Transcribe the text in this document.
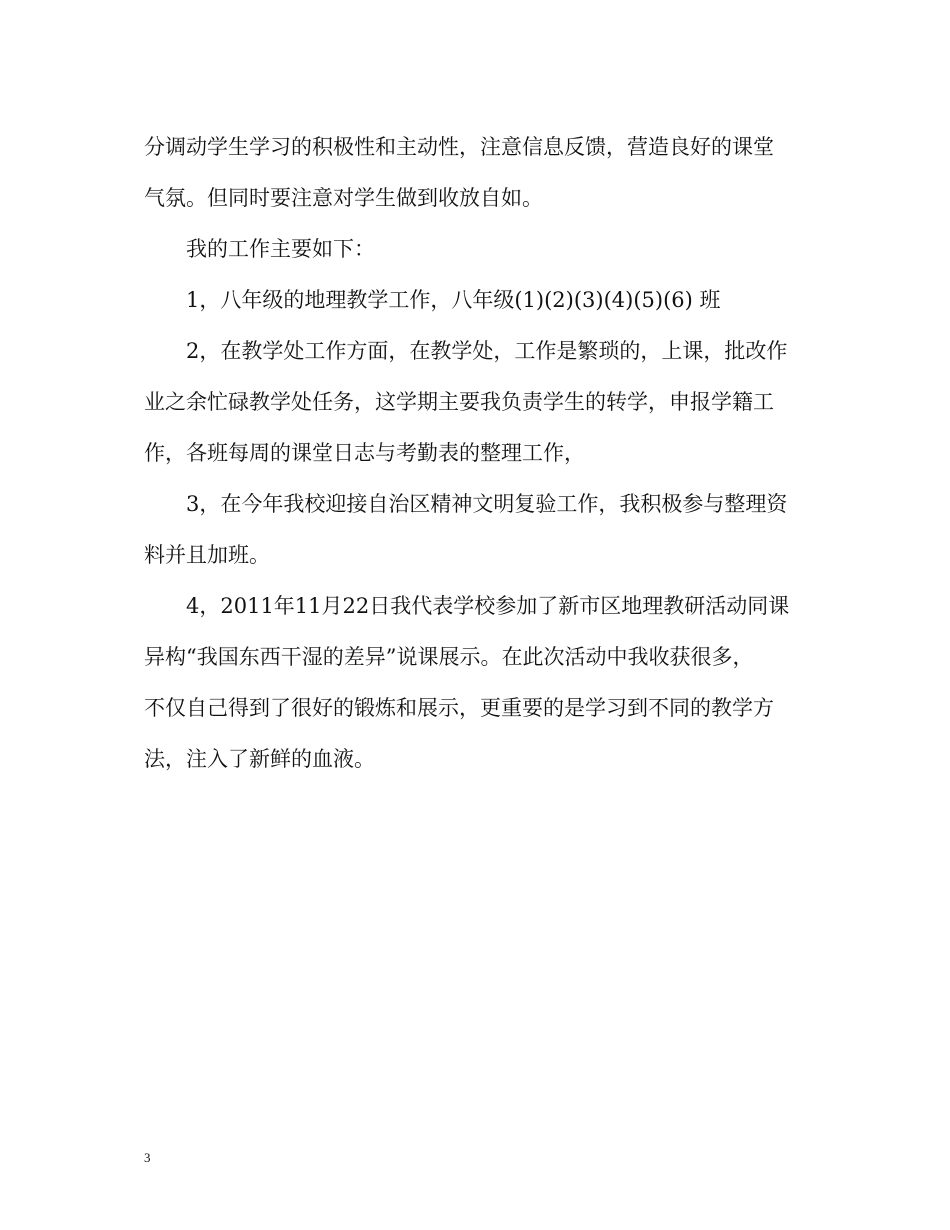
分调动学生学习的积极性和主动性，注意信息反馈，营造良好的课堂
气氛。但同时要注意对学生做到收放自如。
我的工作主要如下：
1，八年级的地理教学工作，八年级(1)(2)(3)(4)(5)(6) 班
2，在教学处工作方面，在教学处，工作是繁琐的，上课，批改作
业之余忙碌教学处任务，这学期主要我负责学生的转学，申报学籍工
作，各班每周的课堂日志与考勤表的整理工作，
3，在今年我校迎接自治区精神文明复验工作，我积极参与整理资
料并且加班。
4，2011年11月22日我代表学校参加了新市区地理教研活动同课
异构“我国东西干湿的差异”说课展示。在此次活动中我收获很多，
不仅自己得到了很好的锻炼和展示，更重要的是学习到不同的教学方
法，注入了新鲜的血液。
3
